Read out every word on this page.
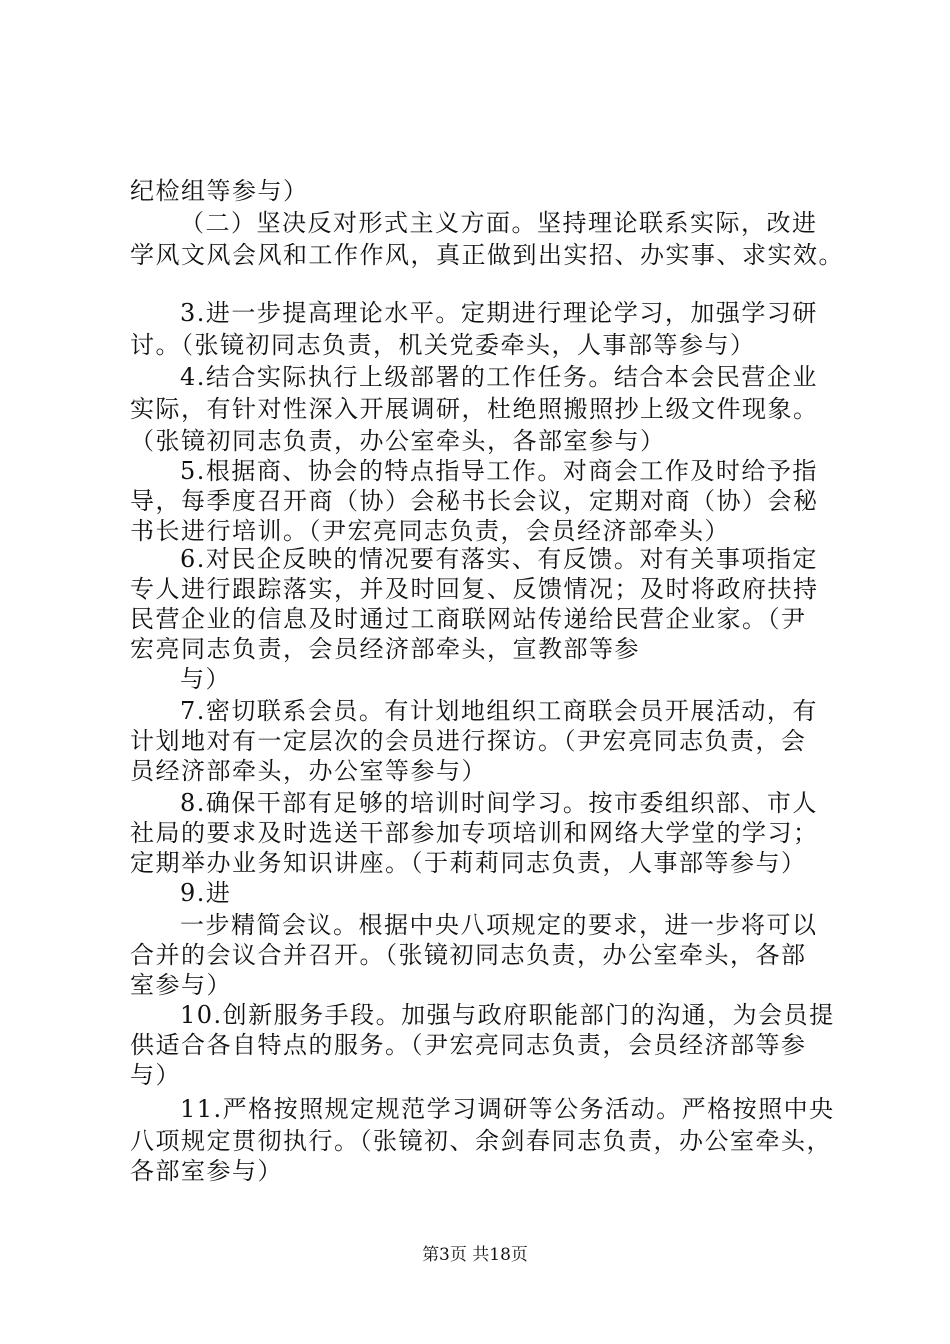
纪检组等参与）
（二）坚决反对形式主义方面。坚持理论联系实际，改进
学风文风会风和工作作风，真正做到出实招、办实事、求实效。
3.进一步提高理论水平。定期进行理论学习，加强学习研
讨。（张镜初同志负责，机关党委牵头，人事部等参与）
4.结合实际执行上级部署的工作任务。结合本会民营企业
实际，有针对性深入开展调研，杜绝照搬照抄上级文件现象。
（张镜初同志负责，办公室牵头，各部室参与）
5.根据商、协会的特点指导工作。对商会工作及时给予指
导，每季度召开商（协）会秘书长会议，定期对商（协）会秘
书长进行培训。（尹宏亮同志负责，会员经济部牵头）
6.对民企反映的情况要有落实、有反馈。对有关事项指定
专人进行跟踪落实，并及时回复、反馈情况；及时将政府扶持
民营企业的信息及时通过工商联网站传递给民营企业家。（尹
宏亮同志负责，会员经济部牵头，宣教部等参
与）
7.密切联系会员。有计划地组织工商联会员开展活动，有
计划地对有一定层次的会员进行探访。（尹宏亮同志负责，会
员经济部牵头，办公室等参与）
8.确保干部有足够的培训时间学习。按市委组织部、市人
社局的要求及时选送干部参加专项培训和网络大学堂的学习；
定期举办业务知识讲座。（于莉莉同志负责，人事部等参与）
9.进
一步精简会议。根据中央八项规定的要求，进一步将可以
合并的会议合并召开。（张镜初同志负责，办公室牵头，各部
室参与）
10.创新服务手段。加强与政府职能部门的沟通，为会员提
供适合各自特点的服务。（尹宏亮同志负责，会员经济部等参
与）
11.严格按照规定规范学习调研等公务活动。严格按照中央
八项规定贯彻执行。（张镜初、余剑春同志负责，办公室牵头，
各部室参与）
第3页 共18页
